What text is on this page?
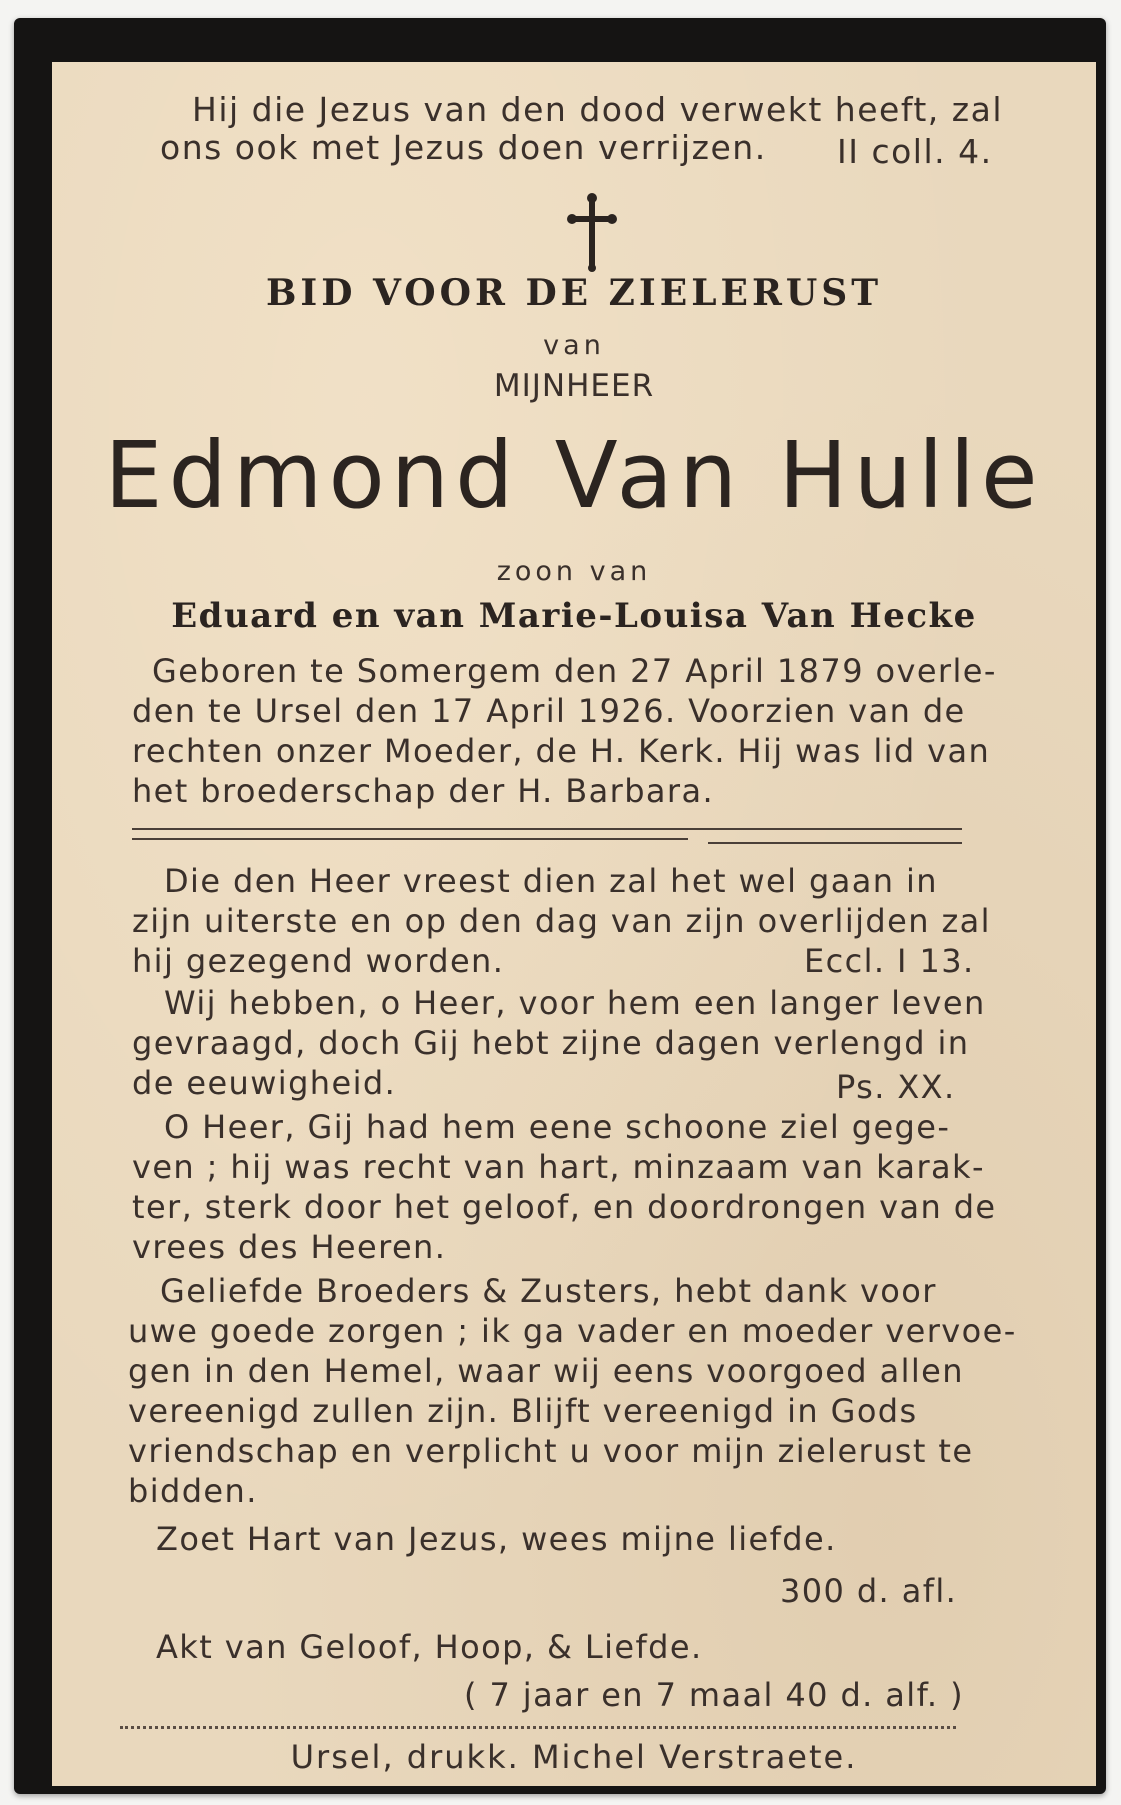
Hij die Jezus van den dood verwekt heeft, zal
ons ook met Jezus doen verrijzen. II coll. 4.
BID VOOR DE ZIELERUST
van
MIJNHEER
Edmond Van Hulle
zoon van
Eduard en van Marie-Louisa Van Hecke
Geboren te Somergem den 27 April 1879 overle-
den te Ursel den 17 April 1926. Voorzien van de
rechten onzer Moeder, de H. Kerk. Hij was lid van
het broederschap der H. Barbara.
Die den Heer vreest dien zal het wel gaan in
zijn uiterste en op den dag van zijn overlijden zal
hij gezegend worden.	Eccl. I 13.
Wij hebben, o Heer, voor hem een langer leven
gevraagd, doch Gij hebt zijne dagen verlengd in
de eeuwigheid.	Ps. XX.
O Heer, Gij had hem eene schoone ziel gege-
ven ; hij was recht van hart, minzaam van karak-
ter, sterk door het geloof, en doordrongen van de
vrees des Heeren.
Geliefde Broeders & Zusters, hebt dank voor
uwe goede zorgen ; ik ga vader en moeder vervoe-
gen in den Hemel, waar wij eens voorgoed allen
vereenigd zullen zijn. Blijft vereenigd in Gods
vriendschap en verplicht u voor mijn zielerust te
bidden.
Zoet Hart van Jezus, wees mijne liefde.
300 d. afl.
Akt van Geloof, Hoop, & Liefde.
( 7 jaar en 7 maal 40 d. alf. )
Ursel, drukk. Michel Verstraete.
